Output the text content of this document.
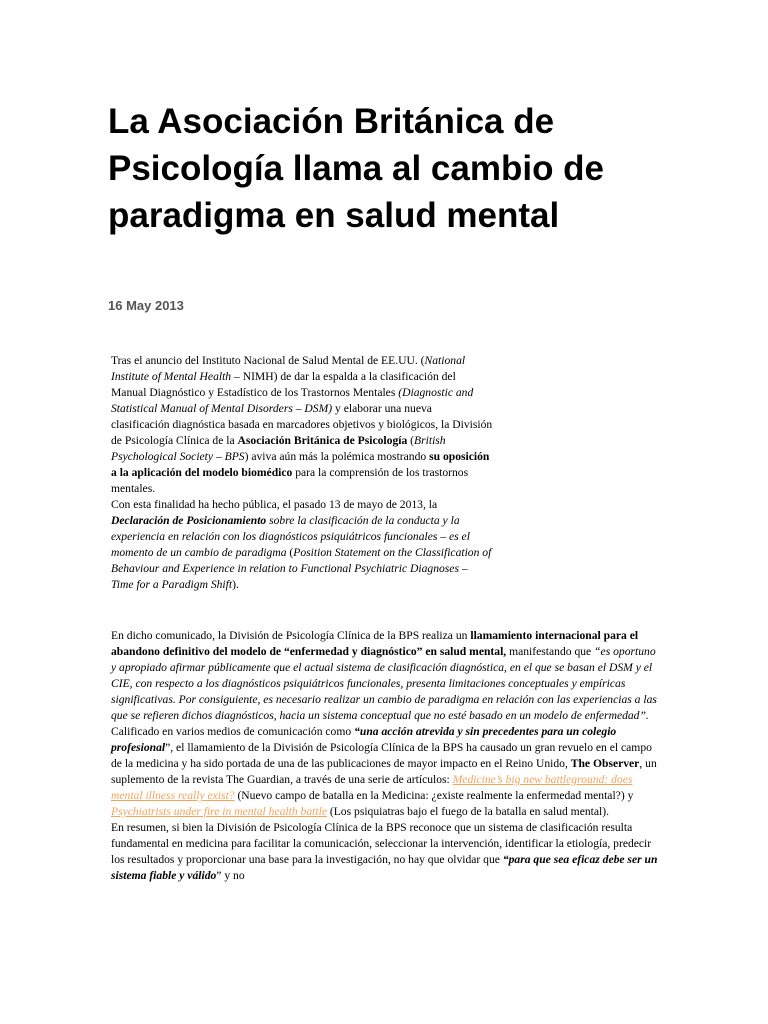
La Asociación Británica de Psicología llama al cambio de paradigma en salud mental
16 May 2013

Tras el anuncio del Instituto Nacional de Salud Mental de EE.UU. (National Institute of Mental Health – NIMH) de dar la espalda a la clasificación del Manual Diagnóstico y Estadístico de los Trastornos Mentales (Diagnostic and Statistical Manual of Mental Disorders – DSM) y elaborar una nueva clasificación diagnóstica basada en marcadores objetivos y biológicos, la División de Psicología Clínica de la Asociación Británica de Psicología (British Psychological Society – BPS) aviva aún más la polémica mostrando su oposición a la aplicación del modelo biomédico para la comprensión de los trastornos mentales.
Con esta finalidad ha hecho pública, el pasado 13 de mayo de 2013, la Declaración de Posicionamiento sobre la clasificación de la conducta y la experiencia en relación con los diagnósticos psiquiátricos funcionales – es el momento de un cambio de paradigma (Position Statement on the Classification of Behaviour and Experience in relation to Functional Psychiatric Diagnoses – Time for a Paradigm Shift).

En dicho comunicado, la División de Psicología Clínica de la BPS realiza un llamamiento internacional para el abandono definitivo del modelo de “enfermedad y diagnóstico” en salud mental, manifestando que “es oportuno y apropiado afirmar públicamente que el actual sistema de clasificación diagnóstica, en el que se basan el DSM y el CIE, con respecto a los diagnósticos psiquiátricos funcionales, presenta limitaciones conceptuales y empíricas significativas. Por consiguiente, es necesario realizar un cambio de paradigma en relación con las experiencias a las que se refieren dichos diagnósticos, hacia un sistema conceptual que no esté basado en un modelo de enfermedad”.
Calificado en varios medios de comunicación como “una acción atrevida y sin precedentes para un colegio profesional”, el llamamiento de la División de Psicología Clínica de la BPS ha causado un gran revuelo en el campo de la medicina y ha sido portada de una de las publicaciones de mayor impacto en el Reino Unido, The Observer, un suplemento de la revista The Guardian, a través de una serie de artículos: Medicine’s big new battleground: does mental illness really exist? (Nuevo campo de batalla en la Medicina: ¿existe realmente la enfermedad mental?) y Psychiatrists under fire in mental health battle (Los psiquiatras bajo el fuego de la batalla en salud mental).
En resumen, si bien la División de Psicología Clínica de la BPS reconoce que un sistema de clasificación resulta fundamental en medicina para facilitar la comunicación, seleccionar la intervención, identificar la etiología, predecir los resultados y proporcionar una base para la investigación, no hay que olvidar que “para que sea eficaz debe ser un sistema fiable y válido” y no
